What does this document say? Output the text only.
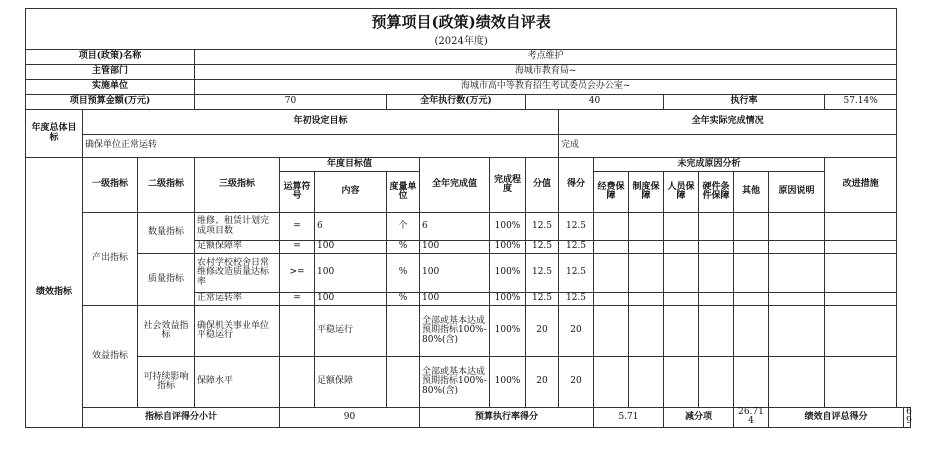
预算项目(政策)绩效自评表																		
(2024年度)																		
项目(政策)名称			考点维护															
主管部门			海城市教育局~															
实施单位			海城市高中等教育招生考试委员会办公室~															
项目预算金额(万元)			70			全年执行数(万元)			40				执行率				57.14%	
年度总体目标	年初设定目标									全年实际完成情况								
	确保单位正常运转									完成								
绩效指标	一级指标	二级指标	三级指标	年度目标值			全年完成值	完成程度	分值	得分	未完成原因分析						改进措施	
				运算符号	内容	度量单位					经费保障	制度保障	人员保障	硬件条件保障	其他	原因说明		
	产出指标	数量指标	维修、租赁计划完成项目数	=	6	个	6	100%	12.5	12.5								
			足额保障率	=	100	%	100	100%	12.5	12.5								
		质量指标	农村学校校舍日常维修改造质量达标率	>=	100	%	100	100%	12.5	12.5								
			正常运转率	=	100	%	100	100%	12.5	12.5								
	效益指标	社会效益指标	确保机关事业单位平稳运行		平稳运行		全部或基本达成预期指标100%-80%(含)	100%	20	20								
		可持续影响指标	保障水平		足额保障		全部或基本达成预期指标100%-80%(含)	100%	20	20								
	指标自评得分小计			90			预算执行率得分				5.71		减分项		26.714	绩效自评总得分		69
